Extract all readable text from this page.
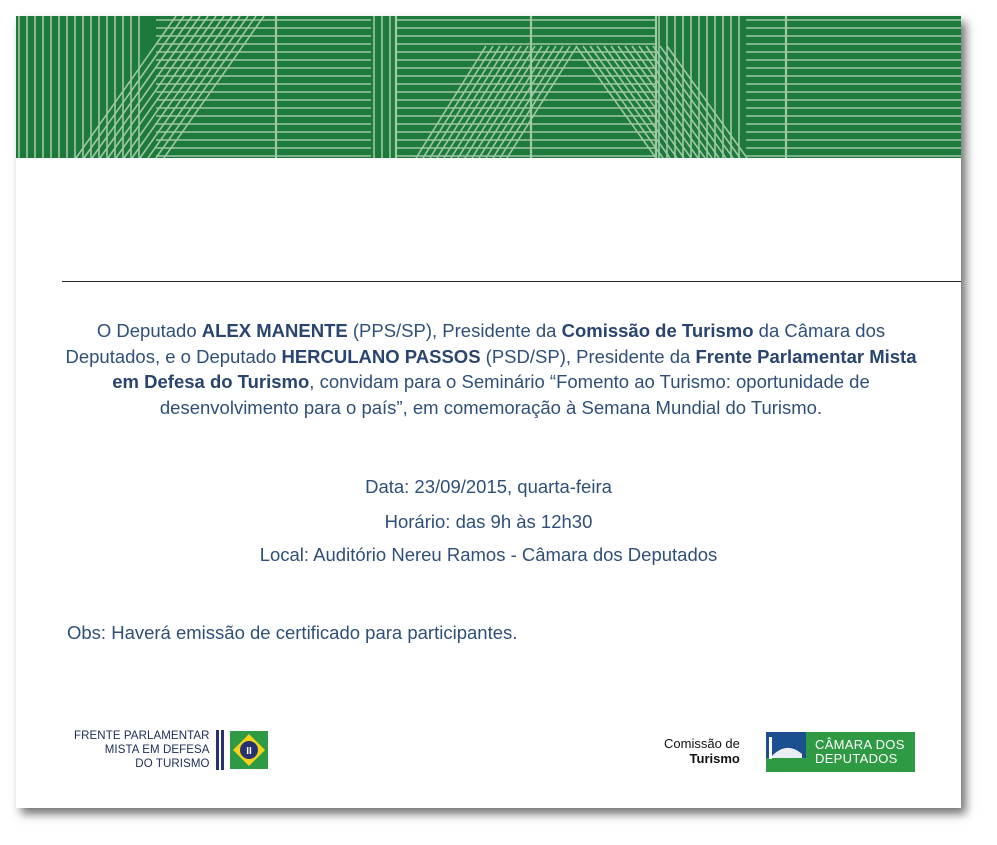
O Deputado ALEX MANENTE (PPS/SP), Presidente da Comissão de Turismo da Câmara dos Deputados, e o Deputado HERCULANO PASSOS (PSD/SP), Presidente da Frente Parlamentar Mista em Defesa do Turismo, convidam para o Seminário “Fomento ao Turismo: oportunidade de desenvolvimento para o país”, em comemoração à Semana Mundial do Turismo.
Data: 23/09/2015, quarta-feira
Horário: das 9h às 12h30
Local: Auditório Nereu Ramos - Câmara dos Deputados
Obs: Haverá emissão de certificado para participantes.
FRENTE PARLAMENTAR
MISTA EM DEFESA
DO TURISMO
II
Comissão de
Turismo
CÂMARA DOS
DEPUTADOS
